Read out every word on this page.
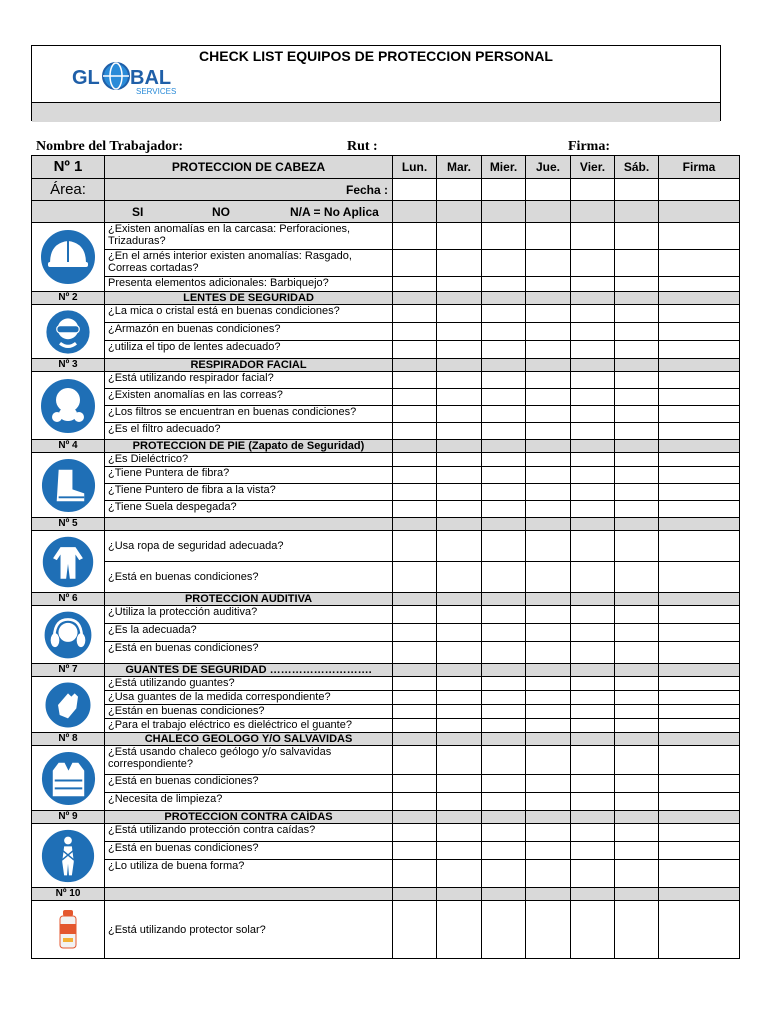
CHECK LIST EQUIPOS DE PROTECCION PERSONAL
GL BAL
SERVICES
Nombre del Trabajador:	Rut :	Firma:
Nº 1	PROTECCION DE CABEZA	Lun.	Mar.	Mier.	Jue.	Vier.	Sáb.	Firma
Área:	Fecha :							
	SI NO N/A = No Aplica							

	¿Existen anomalías en la carcasa: Perforaciones, Trizaduras?							
	¿En el arnés interior existen anomalías: Rasgado, Correas cortadas?							
	Presenta elementos adicionales: Barbiquejo?							
Nº 2	LENTES DE SEGURIDAD							

	¿La mica o cristal está en buenas condiciones?							
	¿Armazón en buenas condiciones?							
	¿utiliza el tipo de lentes adecuado?							
Nº 3	RESPIRADOR FACIAL							

	¿Está utilizando respirador facial?							
	¿Existen anomalías en las correas?							
	¿Los filtros se encuentran en buenas condiciones?							
	¿Es el filtro adecuado?							
Nº 4	PROTECCION DE PIE (Zapato de Seguridad)							

	¿Es Dieléctrico?							
	¿Tiene Puntera de fibra?							
	¿Tiene Puntero de fibra a la vista?							
	¿Tiene Suela despegada?							
Nº 5								

	¿Usa ropa de seguridad adecuada?							
	¿Está en buenas condiciones?							
Nº 6	PROTECCION AUDITIVA							

	¿Utiliza la protección auditiva?							
	¿Es la adecuada?							
	¿Está en buenas condiciones?							
Nº 7	GUANTES DE SEGURIDAD ……………………….							

	¿Está utilizando guantes?							
	¿Usa guantes de la medida correspondiente?							
	¿Están en buenas condiciones?							
	¿Para el trabajo eléctrico es dieléctrico el guante?							
Nº 8	CHALECO GEOLOGO Y/O SALVAVIDAS							

	¿Está usando chaleco geólogo y/o salvavidas correspondiente?							
	¿Está en buenas condiciones?							
	¿Necesita de limpieza?							
Nº 9	PROTECCION CONTRA CAÍDAS							

	¿Está utilizando protección contra caídas?							
	¿Está en buenas condiciones?							
	¿Lo utiliza de buena forma?							
Nº 10								

	¿Está utilizando protector solar?							
